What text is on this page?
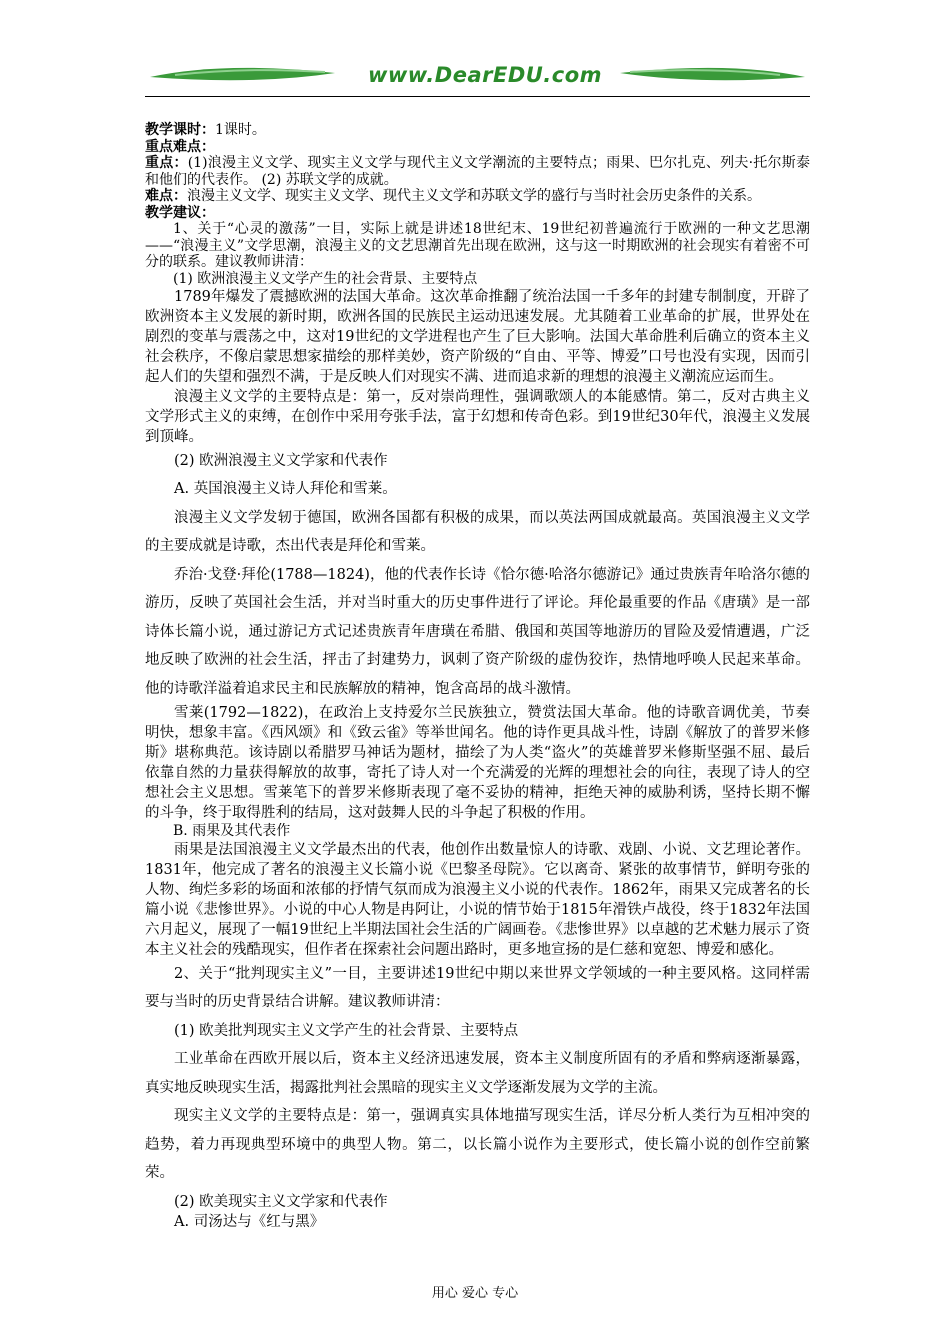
www.DearEDU.com

教学课时：1课时。

重点难点：

重点：(1)浪漫主义文学、现实主义文学与现代主义文学潮流的主要特点；雨果、巴尔扎克、列夫·托尔斯泰和他们的代表作。 (2) 苏联文学的成就。

难点：浪漫主义文学、现实主义文学、现代主义文学和苏联文学的盛行与当时社会历史条件的关系。

教学建议：

1、关于“心灵的激荡”一目，实际上就是讲述18世纪末、19世纪初普遍流行于欧洲的一种文艺思潮——“浪漫主义”文学思潮，浪漫主义的文艺思潮首先出现在欧洲，这与这一时期欧洲的社会现实有着密不可分的联系。建议教师讲清：

(1) 欧洲浪漫主义文学产生的社会背景、主要特点

1789年爆发了震撼欧洲的法国大革命。这次革命推翻了统治法国一千多年的封建专制制度，开辟了欧洲资本主义发展的新时期，欧洲各国的民族民主运动迅速发展。尤其随着工业革命的扩展，世界处在剧烈的变革与震荡之中，这对19世纪的文学进程也产生了巨大影响。法国大革命胜利后确立的资本主义社会秩序，不像启蒙思想家描绘的那样美妙，资产阶级的“自由、平等、博爱”口号也没有实现，因而引起人们的失望和强烈不满，于是反映人们对现实不满、进而追求新的理想的浪漫主义潮流应运而生。

浪漫主义文学的主要特点是：第一，反对崇尚理性，强调歌颂人的本能感情。第二，反对古典主义文学形式主义的束缚，在创作中采用夸张手法，富于幻想和传奇色彩。到19世纪30年代，浪漫主义发展到顶峰。

(2) 欧洲浪漫主义文学家和代表作

A. 英国浪漫主义诗人拜伦和雪莱。

浪漫主义文学发轫于德国，欧洲各国都有积极的成果，而以英法两国成就最高。英国浪漫主义文学的主要成就是诗歌，杰出代表是拜伦和雪莱。

乔治·戈登·拜伦(1788—1824)，他的代表作长诗《恰尔德·哈洛尔德游记》通过贵族青年哈洛尔德的游历，反映了英国社会生活，并对当时重大的历史事件进行了评论。拜伦最重要的作品《唐璜》是一部诗体长篇小说，通过游记方式记述贵族青年唐璜在希腊、俄国和英国等地游历的冒险及爱情遭遇，广泛地反映了欧洲的社会生活，抨击了封建势力，讽刺了资产阶级的虚伪狡诈，热情地呼唤人民起来革命。他的诗歌洋溢着追求民主和民族解放的精神，饱含高昂的战斗激情。

雪莱(1792—1822)，在政治上支持爱尔兰民族独立，赞赏法国大革命。他的诗歌音调优美，节奏明快，想象丰富。《西风颂》和《致云雀》等举世闻名。他的诗作更具战斗性，诗剧《解放了的普罗米修斯》堪称典范。该诗剧以希腊罗马神话为题材，描绘了为人类“盗火”的英雄普罗米修斯坚强不屈、最后依靠自然的力量获得解放的故事，寄托了诗人对一个充满爱的光辉的理想社会的向往，表现了诗人的空想社会主义思想。雪莱笔下的普罗米修斯表现了毫不妥协的精神，拒绝天神的威胁利诱，坚持长期不懈的斗争，终于取得胜利的结局，这对鼓舞人民的斗争起了积极的作用。

B. 雨果及其代表作

雨果是法国浪漫主义文学最杰出的代表，他创作出数量惊人的诗歌、戏剧、小说、文艺理论著作。1831年，他完成了著名的浪漫主义长篇小说《巴黎圣母院》。它以离奇、紧张的故事情节，鲜明夸张的人物、绚烂多彩的场面和浓郁的抒情气氛而成为浪漫主义小说的代表作。1862年，雨果又完成著名的长篇小说《悲惨世界》。小说的中心人物是冉阿让，小说的情节始于1815年滑铁卢战役，终于1832年法国六月起义，展现了一幅19世纪上半期法国社会生活的广阔画卷。《悲惨世界》以卓越的艺术魅力展示了资本主义社会的残酷现实，但作者在探索社会问题出路时，更多地宣扬的是仁慈和宽恕、博爱和感化。

2、关于“批判现实主义”一目，主要讲述19世纪中期以来世界文学领域的一种主要风格。这同样需要与当时的历史背景结合讲解。建议教师讲清：

(1) 欧美批判现实主义文学产生的社会背景、主要特点

工业革命在西欧开展以后，资本主义经济迅速发展，资本主义制度所固有的矛盾和弊病逐渐暴露，真实地反映现实生活，揭露批判社会黑暗的现实主义文学逐渐发展为文学的主流。

现实主义文学的主要特点是：第一，强调真实具体地描写现实生活，详尽分析人类行为互相冲突的趋势，着力再现典型环境中的典型人物。第二，以长篇小说作为主要形式，使长篇小说的创作空前繁荣。

(2) 欧美现实主义文学家和代表作

A. 司汤达与《红与黑》

用心 爱心 专心
